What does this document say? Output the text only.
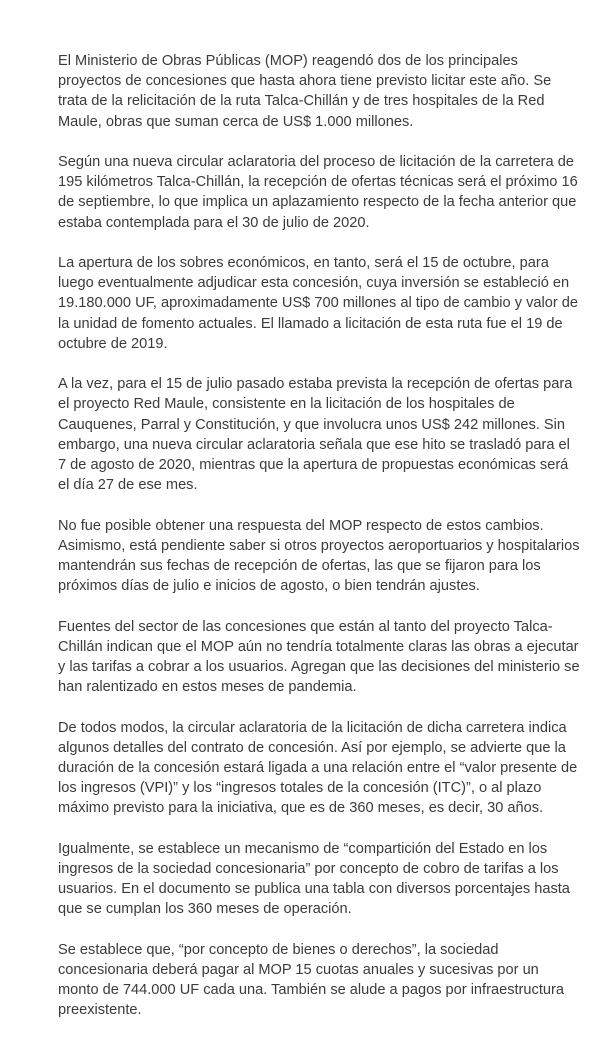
El Ministerio de Obras Públicas (MOP) reagendó dos de los principales proyectos de concesiones que hasta ahora tiene previsto licitar este año. Se trata de la relicitación de la ruta Talca-Chillán y de tres hospitales de la Red Maule, obras que suman cerca de US$ 1.000 millones.

Según una nueva circular aclaratoria del proceso de licitación de la carretera de 195 kilómetros Talca-Chillán, la recepción de ofertas técnicas será el próximo 16 de septiembre, lo que implica un aplazamiento respecto de la fecha anterior que estaba contemplada para el 30 de julio de 2020.

La apertura de los sobres económicos, en tanto, será el 15 de octubre, para luego eventualmente adjudicar esta concesión, cuya inversión se estableció en 19.180.000 UF, aproximadamente US$ 700 millones al tipo de cambio y valor de la unidad de fomento actuales. El llamado a licitación de esta ruta fue el 19 de octubre de 2019.

A la vez, para el 15 de julio pasado estaba prevista la recepción de ofertas para el proyecto Red Maule, consistente en la licitación de los hospitales de Cauquenes, Parral y Constitución, y que involucra unos US$ 242 millones. Sin embargo, una nueva circular aclaratoria señala que ese hito se trasladó para el 7 de agosto de 2020, mientras que la apertura de propuestas económicas será el día 27 de ese mes.

No fue posible obtener una respuesta del MOP respecto de estos cambios. Asimismo, está pendiente saber si otros proyectos aeroportuarios y hospitalarios mantendrán sus fechas de recepción de ofertas, las que se fijaron para los próximos días de julio e inicios de agosto, o bien tendrán ajustes.

Fuentes del sector de las concesiones que están al tanto del proyecto Talca-Chillán indican que el MOP aún no tendría totalmente claras las obras a ejecutar y las tarifas a cobrar a los usuarios. Agregan que las decisiones del ministerio se han ralentizado en estos meses de pandemia.

De todos modos, la circular aclaratoria de la licitación de dicha carretera indica algunos detalles del contrato de concesión. Así por ejemplo, se advierte que la duración de la concesión estará ligada a una relación entre el “valor presente de los ingresos (VPI)” y los “ingresos totales de la concesión (ITC)”, o al plazo máximo previsto para la iniciativa, que es de 360 meses, es decir, 30 años.

Igualmente, se establece un mecanismo de “compartición del Estado en los ingresos de la sociedad concesionaria” por concepto de cobro de tarifas a los usuarios. En el documento se publica una tabla con diversos porcentajes hasta que se cumplan los 360 meses de operación.

Se establece que, “por concepto de bienes o derechos”, la sociedad concesionaria deberá pagar al MOP 15 cuotas anuales y sucesivas por un monto de 744.000 UF cada una. También se alude a pagos por infraestructura preexistente.
